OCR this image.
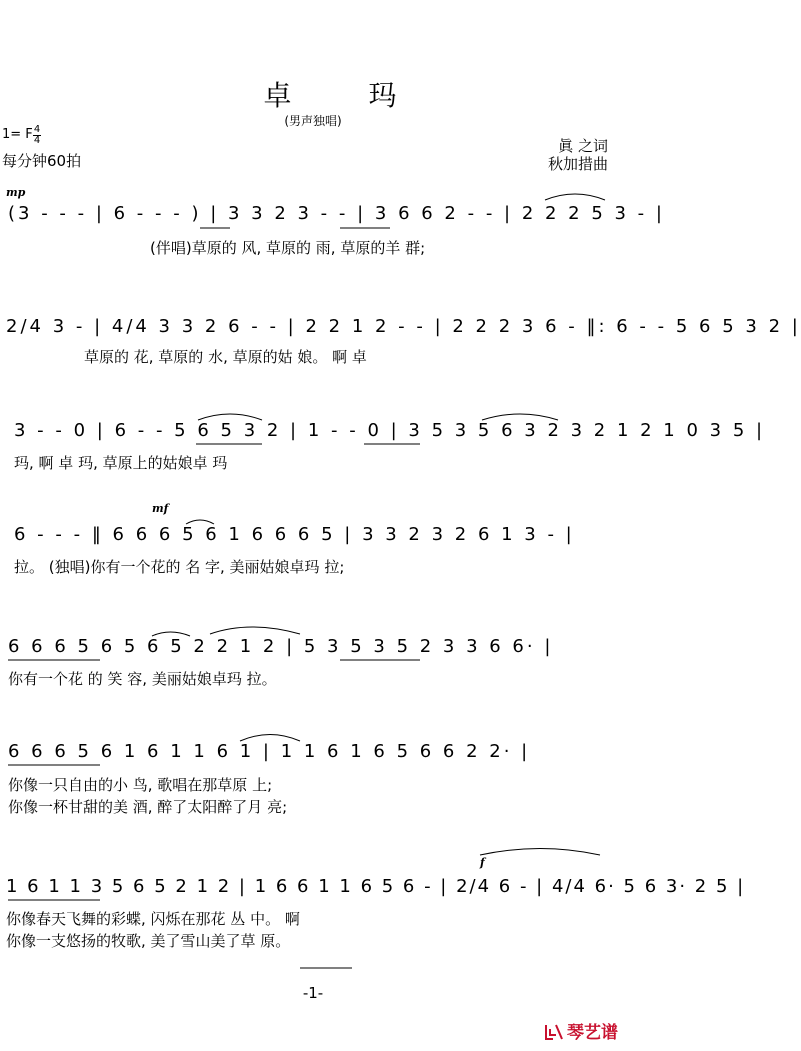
卓 玛
(男声独唱)
1= F 4
4
每分钟60拍
眞 之词
秋加措曲
mp
mf
f
(3 - - - | 6 - - - ) | 3 3 2 3 - - | 3 6 6 2 - - | 2 2 2 5 3 - |
(伴唱)草原的 风, 草原的 雨, 草原的羊 群;
2/4 3 - | 4/4 3 3 2 6 - - | 2 2 1 2 - - | 2 2 2 3 6 - ‖: 6 - - 5 6 5 3 2 |
草原的 花, 草原的 水, 草原的姑 娘。 啊 卓
3 - - 0 | 6 - - 5 6 5 3 2 | 1 - - 0 | 3 5 3 5 6 3 2 3 2 1 2 1 0 3 5 |
玛, 啊 卓 玛, 草原上的姑娘卓 玛
6 - - - ‖ 6 6 6 5 6 1 6 6 6 5 | 3 3 2 3 2 6 1 3 - |
拉。 (独唱)你有一个花的 名 字, 美丽姑娘卓玛 拉;
6 6 6 5 6 5 6 5 2 2 1 2 | 5 3 5 3 5 2 3 3 6 6· |
你有一个花 的 笑 容, 美丽姑娘卓玛 拉。
6 6 6 5 6 1 6 1 1 6 1 | 1 1 6 1 6 5 6 6 2 2· |
你像一只自由的小 鸟, 歌唱在那草原 上;
你像一杯甘甜的美 酒, 醉了太阳醉了月 亮;
1 6 1 1 3 5 6 5 2 1 2 | 1 6 6 1 1 6 5 6 - | 2/4 6 - | 4/4 6· 5 6 3· 2 5 |
你像春天飞舞的彩蝶, 闪烁在那花 丛 中。 啊
你像一支悠扬的牧歌, 美了雪山美了草 原。
-1-
琴艺谱
